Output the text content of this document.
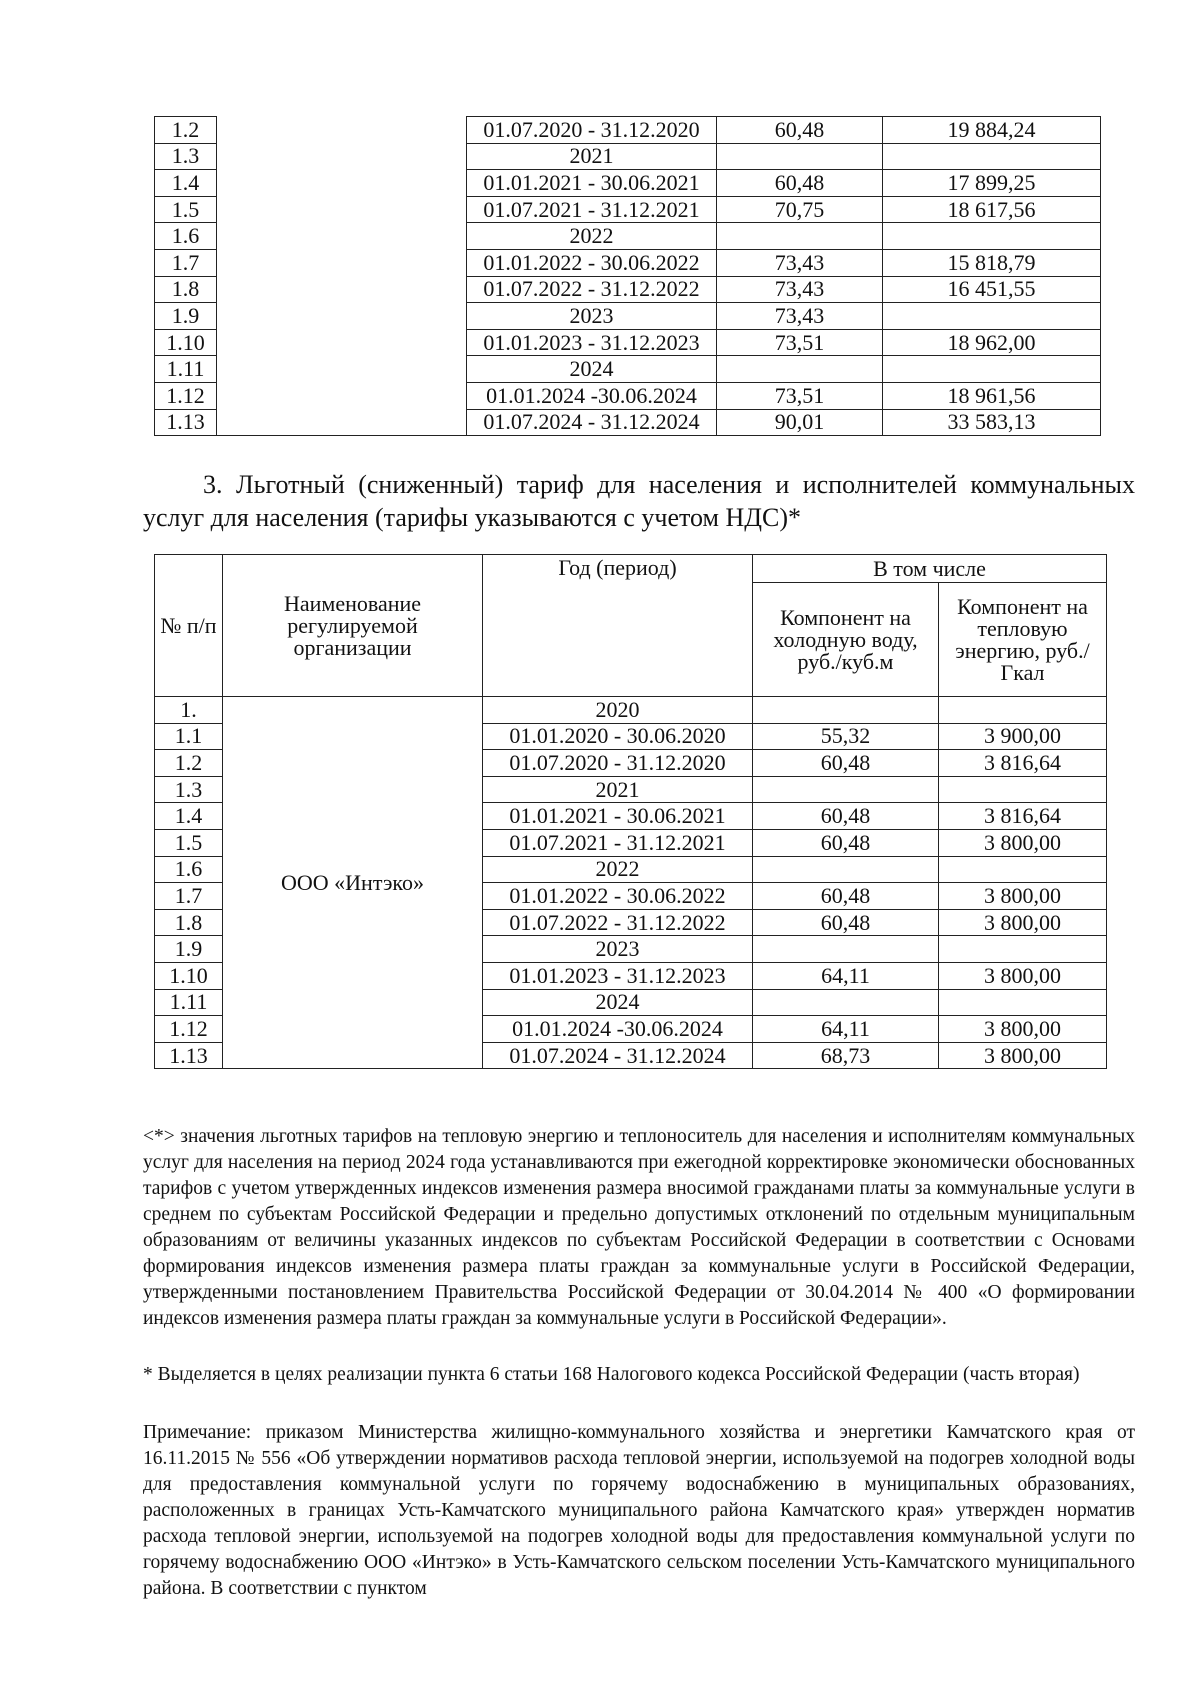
1.2		01.07.2020 - 31.12.2020	60,48	19 884,24
1.3		2021		
1.4		01.01.2021 - 30.06.2021	60,48	17 899,25
1.5		01.07.2021 - 31.12.2021	70,75	18 617,56
1.6		2022		
1.7		01.01.2022 - 30.06.2022	73,43	15 818,79
1.8		01.07.2022 - 31.12.2022	73,43	16 451,55
1.9		2023	73,43	
1.10		01.01.2023 - 31.12.2023	73,51	18 962,00
1.11		2024		
1.12		01.01.2024 -30.06.2024	73,51	18 961,56
1.13		01.07.2024 - 31.12.2024	90,01	33 583,13
3. Льготный (сниженный) тариф для населения и исполнителей коммунальных услуг для населения (тарифы указываются с учетом НДС)*
№ п/п	Наименование регулируемой организации	Год (период)	В том числе	
			Компонент на холодную воду, руб./куб.м	Компонент на тепловую энергию, руб./Гкал
1.	ООО «Интэко»	2020		
1.1		01.01.2020 - 30.06.2020	55,32	3 900,00
1.2		01.07.2020 - 31.12.2020	60,48	3 816,64
1.3		2021		
1.4		01.01.2021 - 30.06.2021	60,48	3 816,64
1.5		01.07.2021 - 31.12.2021	60,48	3 800,00
1.6		2022		
1.7		01.01.2022 - 30.06.2022	60,48	3 800,00
1.8		01.07.2022 - 31.12.2022	60,48	3 800,00
1.9		2023		
1.10		01.01.2023 - 31.12.2023	64,11	3 800,00
1.11		2024		
1.12		01.01.2024 -30.06.2024	64,11	3 800,00
1.13		01.07.2024 - 31.12.2024	68,73	3 800,00
<*> значения льготных тарифов на тепловую энергию и теплоноситель для населения и исполнителям коммунальных услуг для населения на период 2024 года устанавливаются при ежегодной корректировке экономически обоснованных тарифов с учетом утвержденных индексов изменения размера вносимой гражданами платы за коммунальные услуги в среднем по субъектам Российской Федерации и предельно допустимых отклонений по отдельным муниципальным образованиям от величины указанных индексов по субъектам Российской Федерации в соответствии с Основами формирования индексов изменения размера платы граждан за коммунальные услуги в Российской Федерации, утвержденными постановлением Правительства Российской Федерации от 30.04.2014 № 400 «О формировании индексов изменения размера платы граждан за коммунальные услуги в Российской Федерации».
* Выделяется в целях реализации пункта 6 статьи 168 Налогового кодекса Российской Федерации (часть вторая)
Примечание: приказом Министерства жилищно-коммунального хозяйства и энергетики Камчатского края от 16.11.2015 № 556 «Об утверждении нормативов расхода тепловой энергии, используемой на подогрев холодной воды для предоставления коммунальной услуги по горячему водоснабжению в муниципальных образованиях, расположенных в границах Усть-Камчатского муниципального района Камчатского края» утвержден норматив расхода тепловой энергии, используемой на подогрев холодной воды для предоставления коммунальной услуги по горячему водоснабжению ООО «Интэко» в Усть-Камчатского сельском поселении Усть-Камчатского муниципального района. В соответствии с пунктом
